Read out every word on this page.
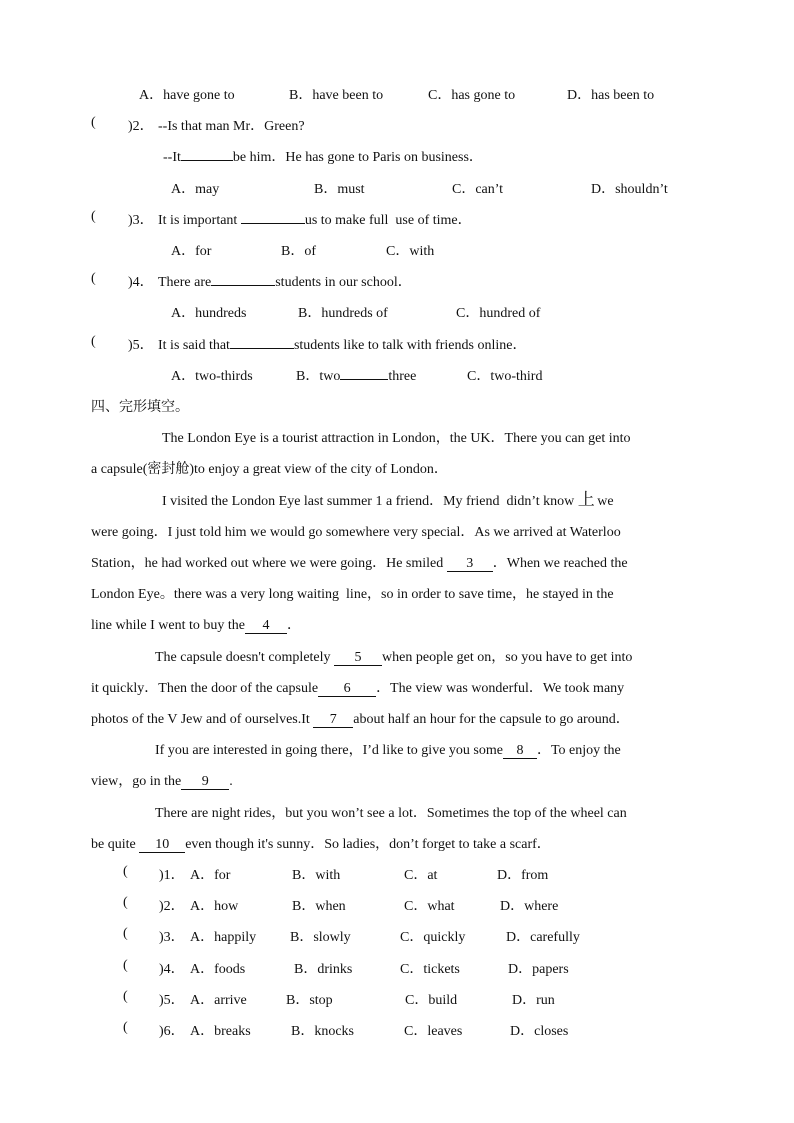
A．have gone to	B．have been to	C．has gone to	D．has been to
( )2． --Is that man Mr．Green?
--It	be him．He has gone to Paris on business．
A．may	B．must	C．can’t	D．shouldn’t
( )3． It is important	us to make full  use of time．
A．for	B．of	C．with
( )4． There are	students in our school．
A．hundreds	B．hundreds of	C．hundred of
( )5． It is said that	students like to talk with friends online．
A．two-thirds	B．two	three	C．two-third
四、完形填空。
The London Eye is a tourist attraction in London，the UK．There you can get into
a capsule(密封舱)to enjoy a great view of the city of London．
I visited the London Eye last summer 1 a friend．My friend  didn’t know 上 we
were going．I just told him we would go somewhere very special．As we arrived at Waterloo
Station，he had worked out where we were going．He smiled 3 ．When we reached the
London Eye。there was a very long waiting  line，so in order to save time，he stayed in the
line while I went to buy the 4 ．
The capsule doesn't completely 5 when people get on，so you have to get into
it quickly．Then the door of the capsule 6 ．The view was wonderful．We took many
photos of the V Jew and of ourselves.It 7 about half an hour for the capsule to go around．
If you are interested in going there，I’d like to give you some 8 ．To enjoy the
view，go in the 9 .
There are night rides，but you won’t see a lot．Sometimes the top of the wheel can
be quite 10 even though it's sunny．So ladies，don’t forget to take a scarf．
( )1． A．for	B．with	C．at	D．from
( )2． A．how	B．when	C．what	D．where
( )3． A．happily B．slowly	C．quickly	D．carefully
( )4． A．foods	B．drinks	C．tickets	D．papers
( )5． A．arrive	B．stop	C．build	D．run
( )6． A．breaks	B．knocks	C．leaves	D．closes
